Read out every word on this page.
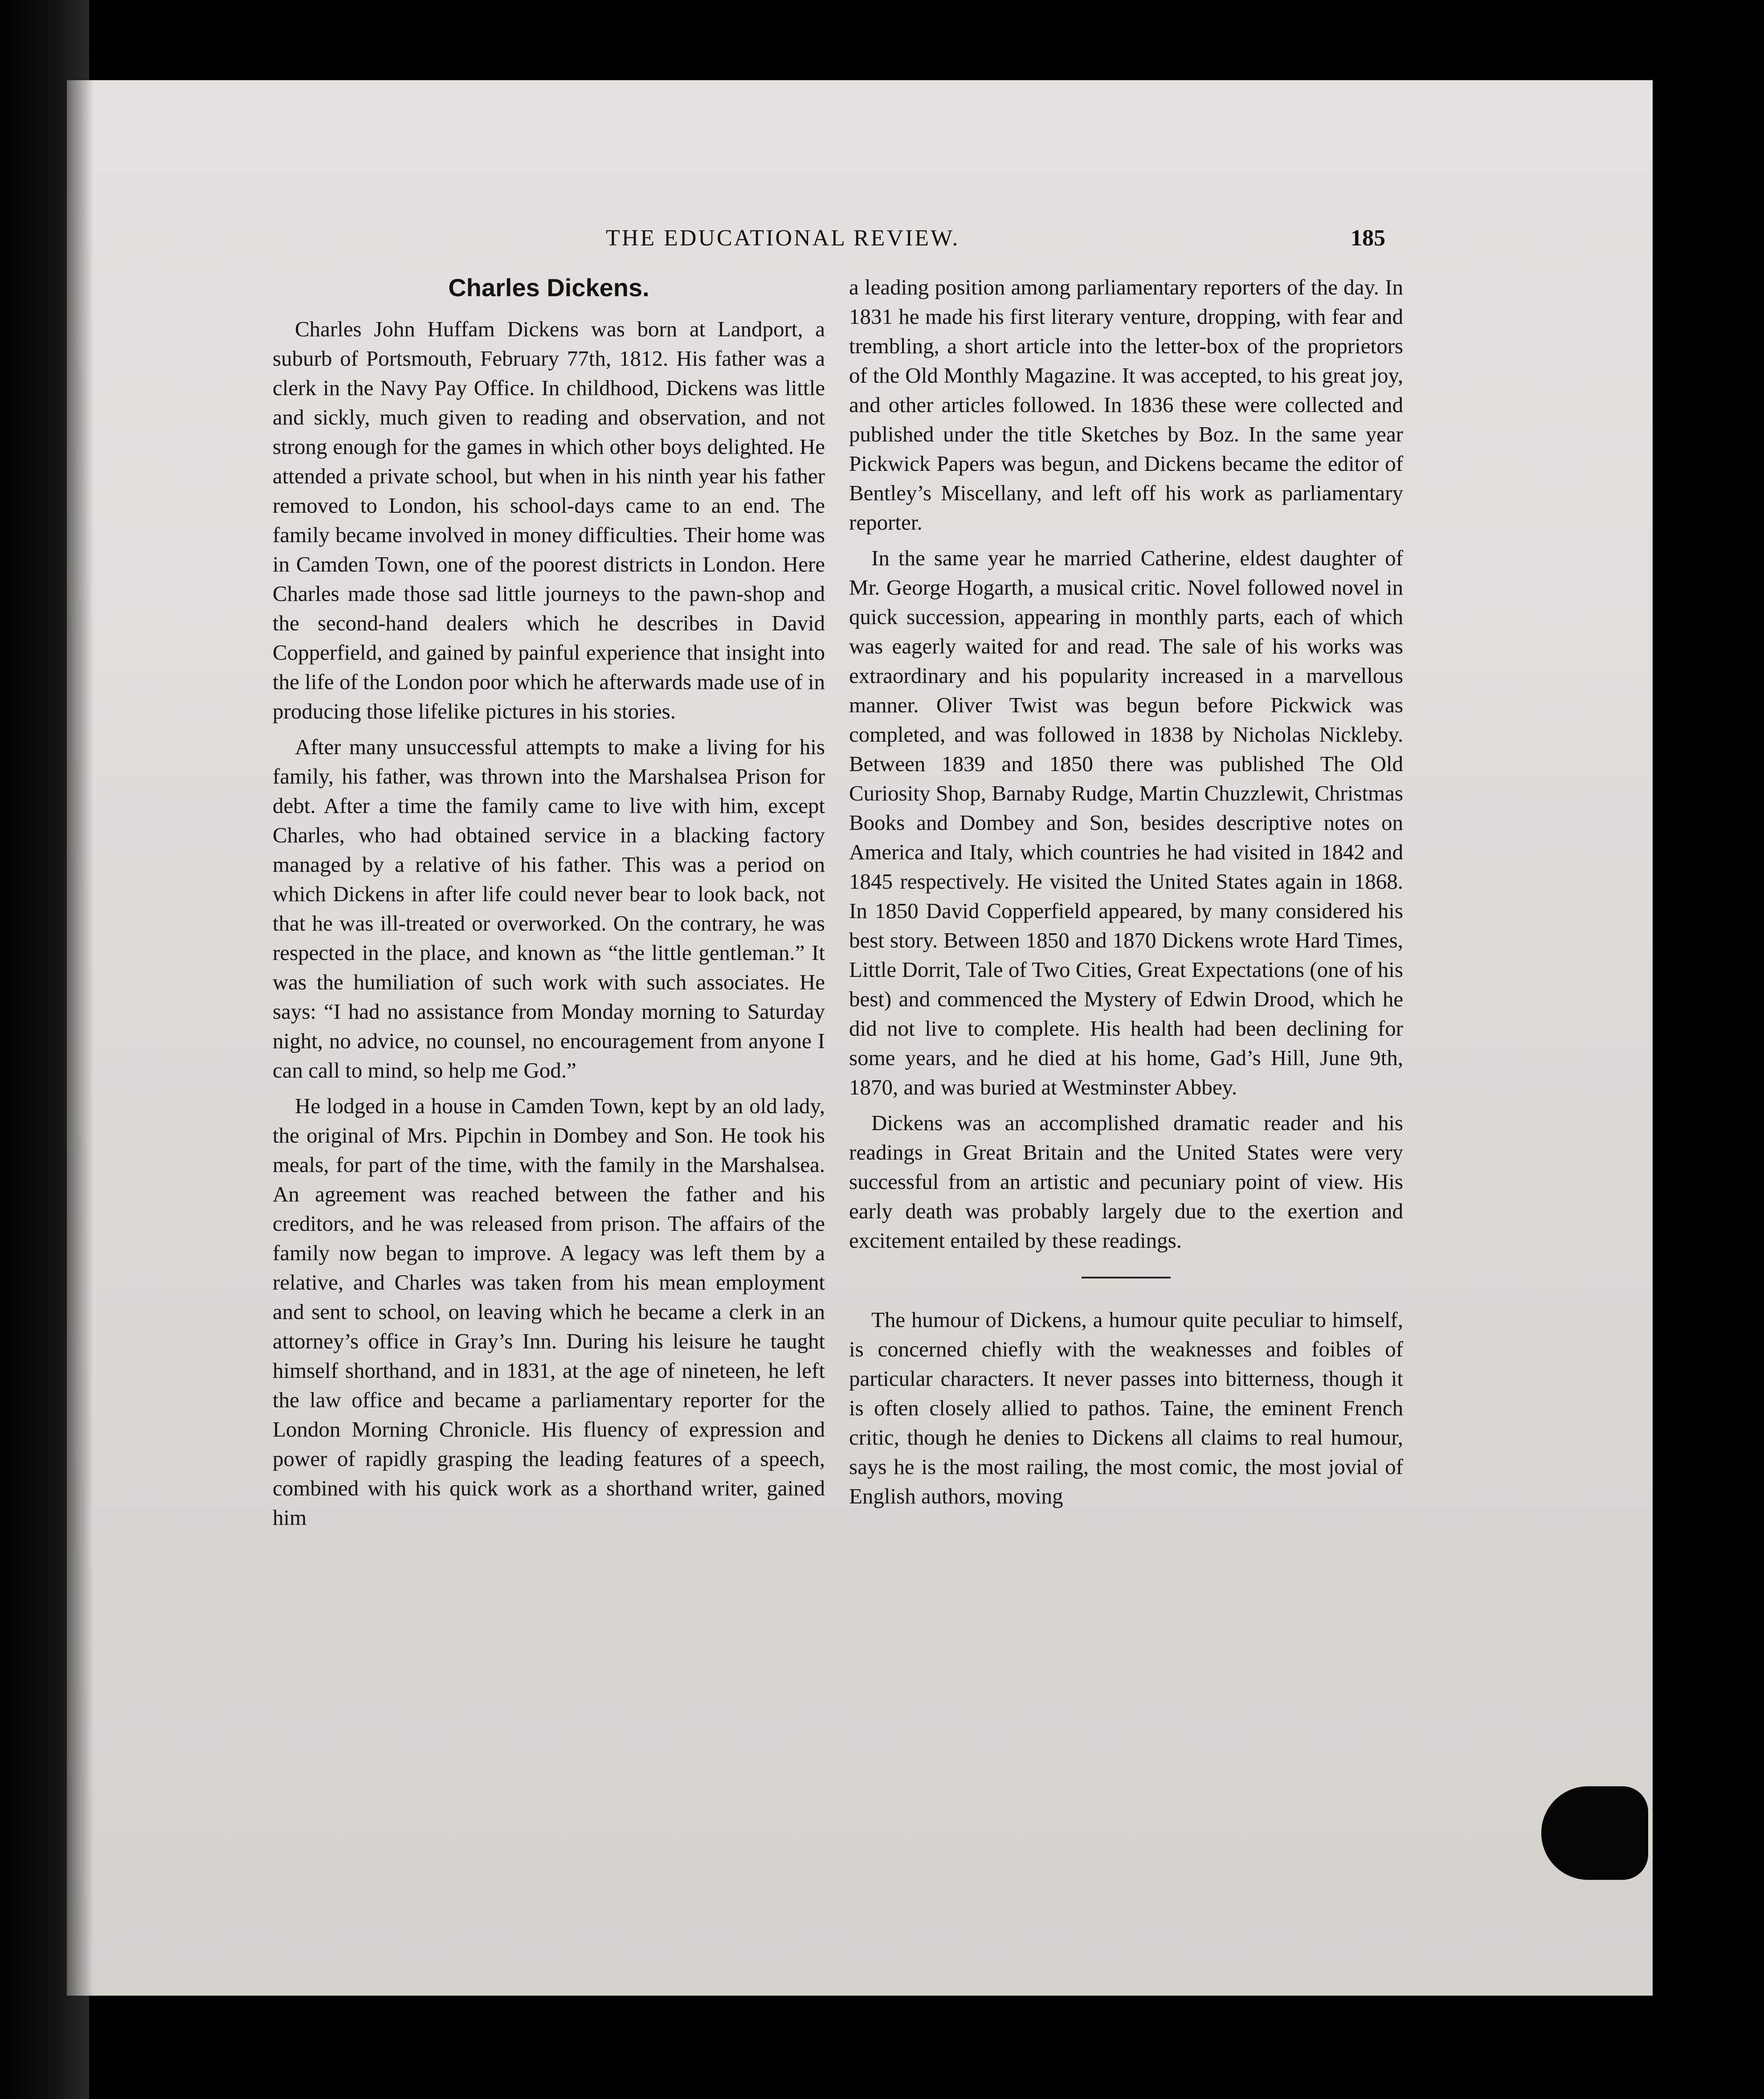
THE EDUCATIONAL REVIEW.	185
Charles Dickens.

Charles John Huffam Dickens was born at Landport, a suburb of Portsmouth, February 77th, 1812. His father was a clerk in the Navy Pay Office. In childhood, Dickens was little and sickly, much given to reading and observation, and not strong enough for the games in which other boys delighted. He attended a private school, but when in his ninth year his father removed to London, his school-days came to an end. The family became involved in money difficulties. Their home was in Camden Town, one of the poorest districts in London. Here Charles made those sad little journeys to the pawn-shop and the second-hand dealers which he describes in David Copperfield, and gained by painful experience that insight into the life of the London poor which he afterwards made use of in producing those lifelike pictures in his stories.

After many unsuccessful attempts to make a living for his family, his father, was thrown into the Marshalsea Prison for debt. After a time the family came to live with him, except Charles, who had obtained service in a blacking factory managed by a relative of his father. This was a period on which Dickens in after life could never bear to look back, not that he was ill-treated or overworked. On the contrary, he was respected in the place, and known as “the little gentleman.” It was the humiliation of such work with such associates. He says: “I had no assistance from Monday morning to Saturday night, no advice, no counsel, no encouragement from anyone I can call to mind, so help me God.”

He lodged in a house in Camden Town, kept by an old lady, the original of Mrs. Pipchin in Dombey and Son. He took his meals, for part of the time, with the family in the Marshalsea. An agreement was reached between the father and his creditors, and he was released from prison. The affairs of the family now began to improve. A legacy was left them by a relative, and Charles was taken from his mean employment and sent to school, on leaving which he became a clerk in an attorney’s office in Gray’s Inn. During his leisure he taught himself shorthand, and in 1831, at the age of nineteen, he left the law office and became a parliamentary reporter for the London Morning Chronicle. His fluency of expression and power of rapidly grasping the leading features of a speech, combined with his quick work as a shorthand writer, gained him

a leading position among parliamentary reporters of the day. In 1831 he made his first literary venture, dropping, with fear and trembling, a short article into the letter-box of the proprietors of the Old Monthly Magazine. It was accepted, to his great joy, and other articles followed. In 1836 these were collected and published under the title Sketches by Boz. In the same year Pickwick Papers was begun, and Dickens became the editor of Bentley’s Miscellany, and left off his work as parliamentary reporter.

In the same year he married Catherine, eldest daughter of Mr. George Hogarth, a musical critic. Novel followed novel in quick succession, appearing in monthly parts, each of which was eagerly waited for and read. The sale of his works was extraordinary and his popularity increased in a marvellous manner. Oliver Twist was begun before Pickwick was completed, and was followed in 1838 by Nicholas Nickleby. Between 1839 and 1850 there was published The Old Curiosity Shop, Barnaby Rudge, Martin Chuzzlewit, Christmas Books and Dombey and Son, besides descriptive notes on America and Italy, which countries he had visited in 1842 and 1845 respectively. He visited the United States again in 1868. In 1850 David Copperfield appeared, by many considered his best story. Between 1850 and 1870 Dickens wrote Hard Times, Little Dorrit, Tale of Two Cities, Great Expectations (one of his best) and commenced the Mystery of Edwin Drood, which he did not live to complete. His health had been declining for some years, and he died at his home, Gad’s Hill, June 9th, 1870, and was buried at Westminster Abbey.

Dickens was an accomplished dramatic reader and his readings in Great Britain and the United States were very successful from an artistic and pecuniary point of view. His early death was probably largely due to the exertion and excitement entailed by these readings.

The humour of Dickens, a humour quite peculiar to himself, is concerned chiefly with the weaknesses and foibles of particular characters. It never passes into bitterness, though it is often closely allied to pathos. Taine, the eminent French critic, though he denies to Dickens all claims to real humour, says he is the most railing, the most comic, the most jovial of English authors, moving
